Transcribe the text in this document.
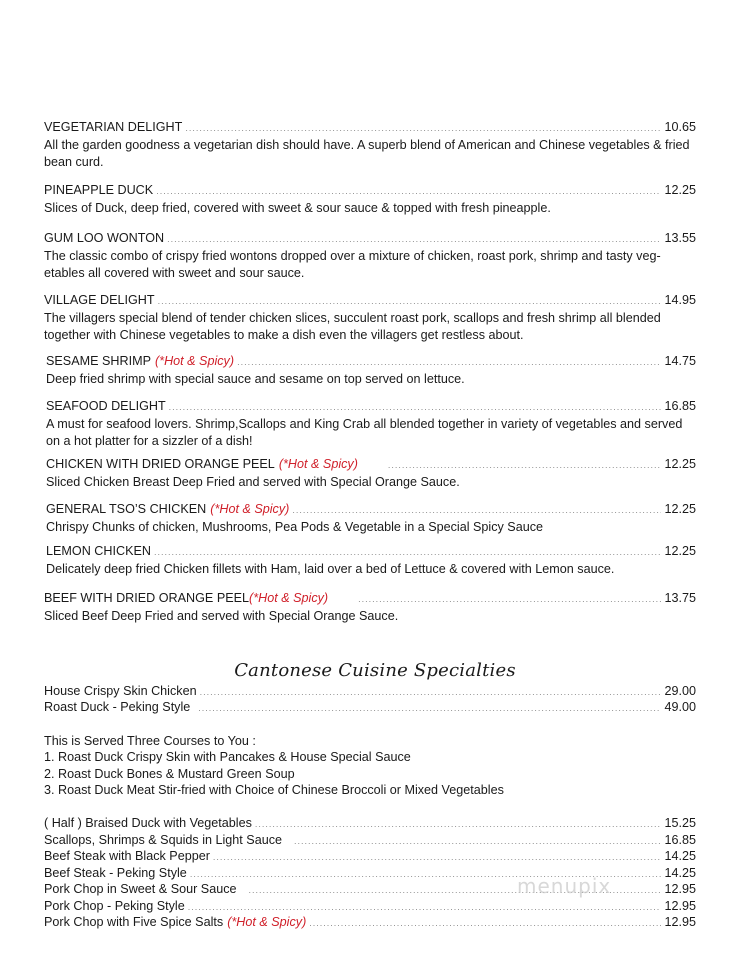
VEGETARIAN DELIGHT .....	10.65
All the garden goodness a vegetarian dish should have. A superb blend of American and Chinese vegetables & fried bean curd.
PINEAPPLE DUCK .....	12.25
Slices of Duck, deep fried, covered with sweet & sour sauce & topped with fresh pineapple.
GUM LOO WONTON .....	13.55
The classic combo of crispy fried wontons dropped over a mixture of chicken, roast pork, shrimp and tasty veg-etables all covered with sweet and sour sauce.
VILLAGE DELIGHT .....	14.95
The villagers special blend of tender chicken slices, succulent roast pork, scallops and fresh shrimp all blended together with Chinese vegetables to make a dish even the villagers get restless about.
SESAME SHRIMP (*Hot & Spicy) .....	14.75
Deep fried shrimp with special sauce and sesame on top served on lettuce.
SEAFOOD DELIGHT .....	16.85
A must for seafood lovers. Shrimp,Scallops and King Crab all blended together in variety of vegetables and served on a hot platter for a sizzler of a dish!
CHICKEN WITH DRIED ORANGE PEEL (*Hot & Spicy) .....	12.25
Sliced Chicken Breast Deep Fried and served with Special Orange Sauce.
GENERAL TSO’S CHICKEN (*Hot & Spicy) .....	12.25
Chrispy Chunks of chicken, Mushrooms, Pea Pods & Vegetable in a Special Spicy Sauce
LEMON CHICKEN .....	12.25
Delicately deep fried Chicken fillets with Ham, laid over a bed of Lettuce & covered with Lemon sauce.
BEEF WITH DRIED ORANGE PEEL (*Hot & Spicy) .....	13.75
Sliced Beef Deep Fried and served with Special Orange Sauce.
Cantonese Cuisine Specialties
House Crispy Skin Chicken .....	29.00
Roast Duck - Peking Style .....	49.00
This is Served Three Courses to You :
1. Roast Duck Crispy Skin with Pancakes & House Special Sauce
2. Roast Duck Bones & Mustard Green Soup
3. Roast Duck Meat Stir-fried with Choice of Chinese Broccoli or Mixed Vegetables
( Half ) Braised Duck with Vegetables .....	15.25
Scallops, Shrimps & Squids in Light Sauce .....	16.85
Beef Steak with Black Pepper .....	14.25
Beef Steak - Peking Style .....	14.25
Pork Chop in Sweet & Sour Sauce .....	12.95
Pork Chop - Peking Style .....	12.95
Pork Chop with Five Spice Salts (*Hot & Spicy) .....	12.95
menupix
